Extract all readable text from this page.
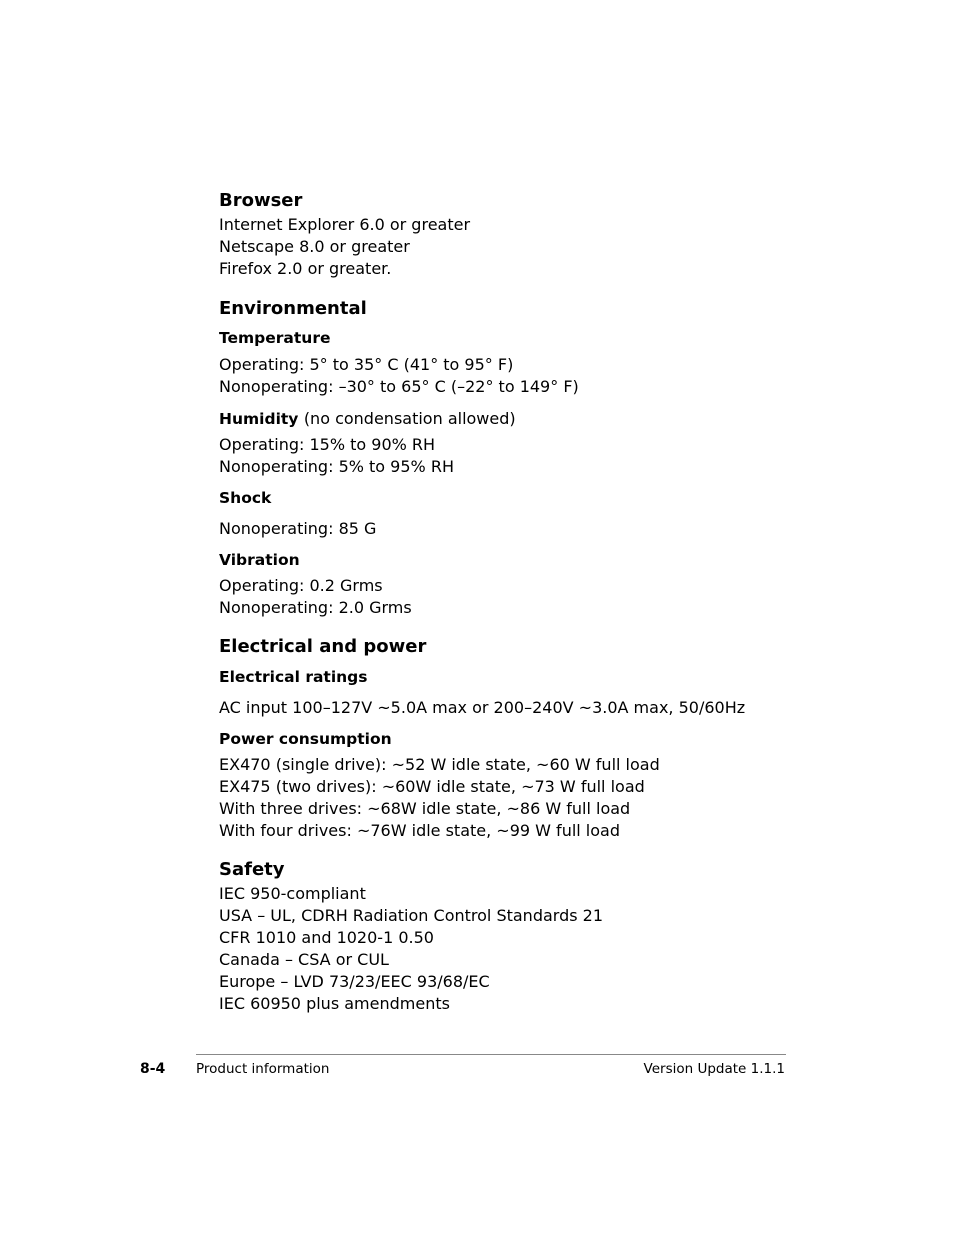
Browser
Internet Explorer 6.0 or greater
Netscape 8.0 or greater
Firefox 2.0 or greater.
Environmental
Temperature
Operating: 5° to 35° C (41° to 95° F)
Nonoperating: –30° to 65° C (–22° to 149° F)
Humidity (no condensation allowed)
Operating: 15% to 90% RH
Nonoperating: 5% to 95% RH
Shock
Nonoperating: 85 G
Vibration
Operating: 0.2 Grms
Nonoperating: 2.0 Grms
Electrical and power
Electrical ratings
AC input 100–127V ~5.0A max or 200–240V ~3.0A max, 50/60Hz
Power consumption
EX470 (single drive): ~52 W idle state, ~60 W full load
EX475 (two drives): ~60W idle state, ~73 W full load
With three drives: ~68W idle state, ~86 W full load
With four drives: ~76W idle state, ~99 W full load
Safety
IEC 950-compliant
USA – UL, CDRH Radiation Control Standards 21
CFR 1010 and 1020-1 0.50
Canada – CSA or CUL
Europe – LVD 73/23/EEC 93/68/EC
IEC 60950 plus amendments
8-4 Product information	Version Update 1.1.1
